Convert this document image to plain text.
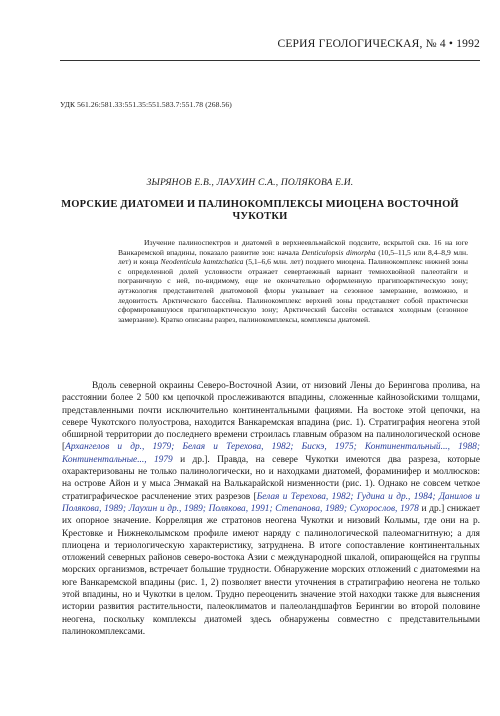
СЕРИЯ ГЕОЛОГИЧЕСКАЯ, № 4 • 1992
УДК 561.26:581.33:551.35:551.583.7:551.78 (268.56)
ЗЫРЯНОВ Е.В., ЛАУХИН С.А., ПОЛЯКОВА Е.И.
МОРСКИЕ ДИАТОМЕИ И ПАЛИНОКОМПЛЕКСЫ МИОЦЕНА ВОСТОЧНОЙ
ЧУКОТКИ

Изучение палиноспектров и диатомей в верхнеевльмайской подсвите, вскрытой скв. 16 на юге Ванкаремской впадины, показало развитие зон: начала Denticulopsis dimorpha (10,5–11,5 или 8,4–8,9 млн. лет) и конца Neodenticula kamtzchatica (5,1–6,6 млн. лет) позднего миоцена. Палинокомплекс нижней зоны с определенной долей условности отражает севертаежный вариант темнохвойной палеотайги и пограничную с ней, по-видимому, еще не окончательно оформленную прагипоарктическую зону; аутэкология представителей диатомовой флоры указывает на сезонное замерзание, возможно, и ледовитость Арктического бассейна. Палинокомплекс верхней зоны представляет собой практически сформировавшуюся прагипоарктическую зону; Арктический бассейн оставался холодным (сезонное замерзание). Кратко описаны разрез, палинокомплексы, комплексы диатомей.

Вдоль северной окраины Северо-Восточной Азии, от низовий Лены до Берингова пролива, на расстоянии более 2 500 км цепочкой прослеживаются впадины, сложенные кайнозойскими толщами, представленными почти исключительно континентальными фациями. На востоке этой цепочки, на севере Чукотского полуострова, находится Ванкаремская впадина (рис. 1). Стратиграфия неогена этой обширной территории до последнего времени строилась главным образом на палинологической основе [Архангелов и др., 1979; Белая и Терехова, 1982; Бискэ, 1975; Континентальный..., 1988; Континентальные..., 1979 и др.]. Правда, на севере Чукотки имеются два разреза, которые охарактеризованы не только палинологически, но и находками диатомей, фораминифер и моллюсков: на острове Айон и у мыса Энмакай на Валькарайской низменности (рис. 1). Однако не совсем четкое стратиграфическое расчленение этих разрезов [Белая и Терехова, 1982; Гудина и др., 1984; Данилов и Полякова, 1989; Лаухин и др., 1989; Полякова, 1991; Степанова, 1989; Сухорослов, 1978 и др.] снижает их опорное значение. Корреляция же стратонов неогена Чукотки и низовий Колымы, где они на р. Крестовке и Нижнеколымском профиле имеют наряду с палинологической палеомагнитную; а для плиоцена и териологическую характеристику, затруднена. В итоге сопоставление континентальных отложений северных районов северо-востока Азии с международной шкалой, опирающейся на группы морских организмов, встречает большие трудности. Обнаружение морских отложений с диатомеями на юге Ванкаремской впадины (рис. 1, 2) позволяет внести уточнения в стратиграфию неогена не только этой впадины, но и Чукотки в целом. Трудно переоценить значение этой находки также для выяснения истории развития растительности, палеоклиматов и палеоландшафтов Берингии во второй половине неогена, поскольку комплексы диатомей здесь обнаружены совместно с представительными палинокомплексами.
